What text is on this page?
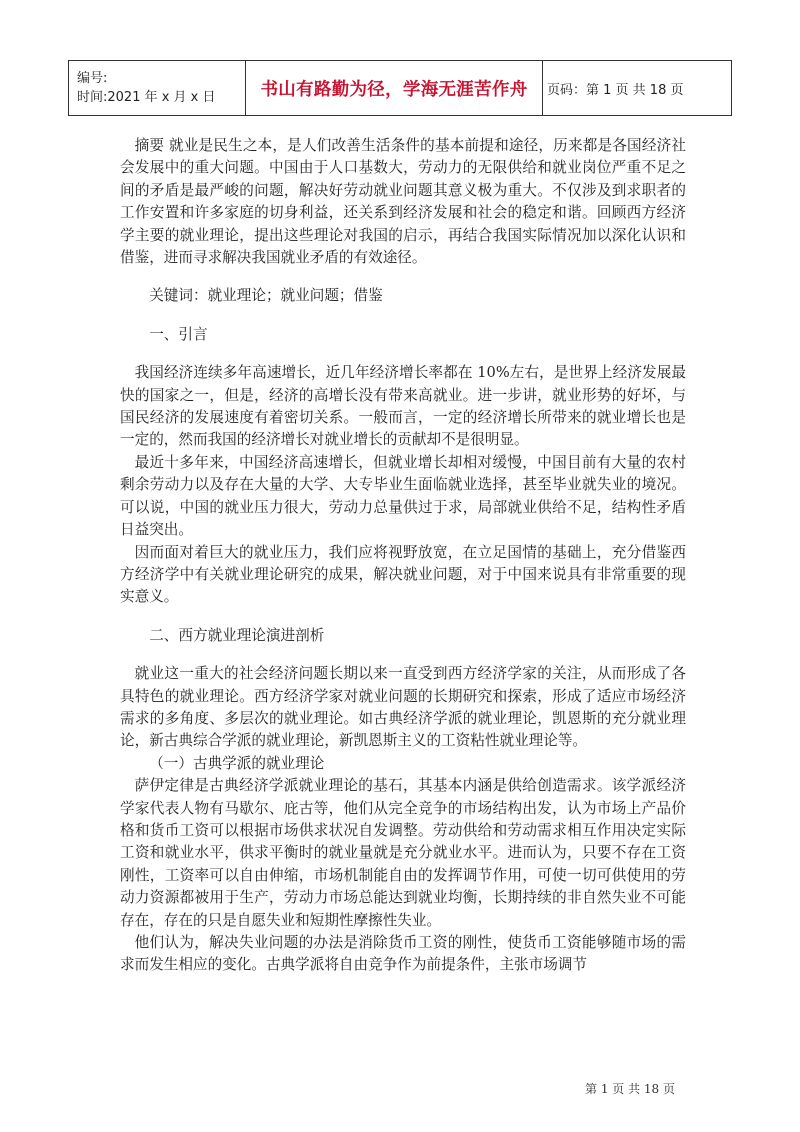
编号:
时间:2021 年 x 月 x 日	书山有路勤为径，学海无涯苦作舟	页码：第 1 页 共 18 页

摘要 就业是民生之本，是人们改善生活条件的基本前提和途径，历来都是各国经济社会发展中的重大问题。中国由于人口基数大，劳动力的无限供给和就业岗位严重不足之间的矛盾是最严峻的问题，解决好劳动就业问题其意义极为重大。不仅涉及到求职者的工作安置和许多家庭的切身利益，还关系到经济发展和社会的稳定和谐。回顾西方经济学主要的就业理论，提出这些理论对我国的启示，再结合我国实际情况加以深化认识和借鉴，进而寻求解决我国就业矛盾的有效途径。

关键词：就业理论；就业问题；借鉴

一、引言

我国经济连续多年高速增长，近几年经济增长率都在 10%左右，是世界上经济发展最快的国家之一，但是，经济的高增长没有带来高就业。进一步讲，就业形势的好坏，与国民经济的发展速度有着密切关系。一般而言，一定的经济增长所带来的就业增长也是一定的，然而我国的经济增长对就业增长的贡献却不是很明显。

最近十多年来，中国经济高速增长，但就业增长却相对缓慢，中国目前有大量的农村剩余劳动力以及存在大量的大学、大专毕业生面临就业选择，甚至毕业就失业的境况。可以说，中国的就业压力很大，劳动力总量供过于求，局部就业供给不足，结构性矛盾日益突出。

因而面对着巨大的就业压力，我们应将视野放宽，在立足国情的基础上，充分借鉴西方经济学中有关就业理论研究的成果，解决就业问题，对于中国来说具有非常重要的现实意义。

二、西方就业理论演进剖析

就业这一重大的社会经济问题长期以来一直受到西方经济学家的关注，从而形成了各具特色的就业理论。西方经济学家对就业问题的长期研究和探索，形成了适应市场经济需求的多角度、多层次的就业理论。如古典经济学派的就业理论，凯恩斯的充分就业理论，新古典综合学派的就业理论，新凯恩斯主义的工资粘性就业理论等。

（一）古典学派的就业理论

萨伊定律是古典经济学派就业理论的基石，其基本内涵是供给创造需求。该学派经济学家代表人物有马歇尔、庇古等，他们从完全竞争的市场结构出发，认为市场上产品价格和货币工资可以根据市场供求状况自发调整。劳动供给和劳动需求相互作用决定实际工资和就业水平，供求平衡时的就业量就是充分就业水平。进而认为，只要不存在工资刚性，工资率可以自由伸缩，市场机制能自由的发挥调节作用，可使一切可供使用的劳动力资源都被用于生产，劳动力市场总能达到就业均衡，长期持续的非自然失业不可能存在，存在的只是自愿失业和短期性摩擦性失业。

他们认为，解决失业问题的办法是消除货币工资的刚性，使货币工资能够随市场的需求而发生相应的变化。古典学派将自由竞争作为前提条件，主张市场调节

第 1 页 共 18 页
